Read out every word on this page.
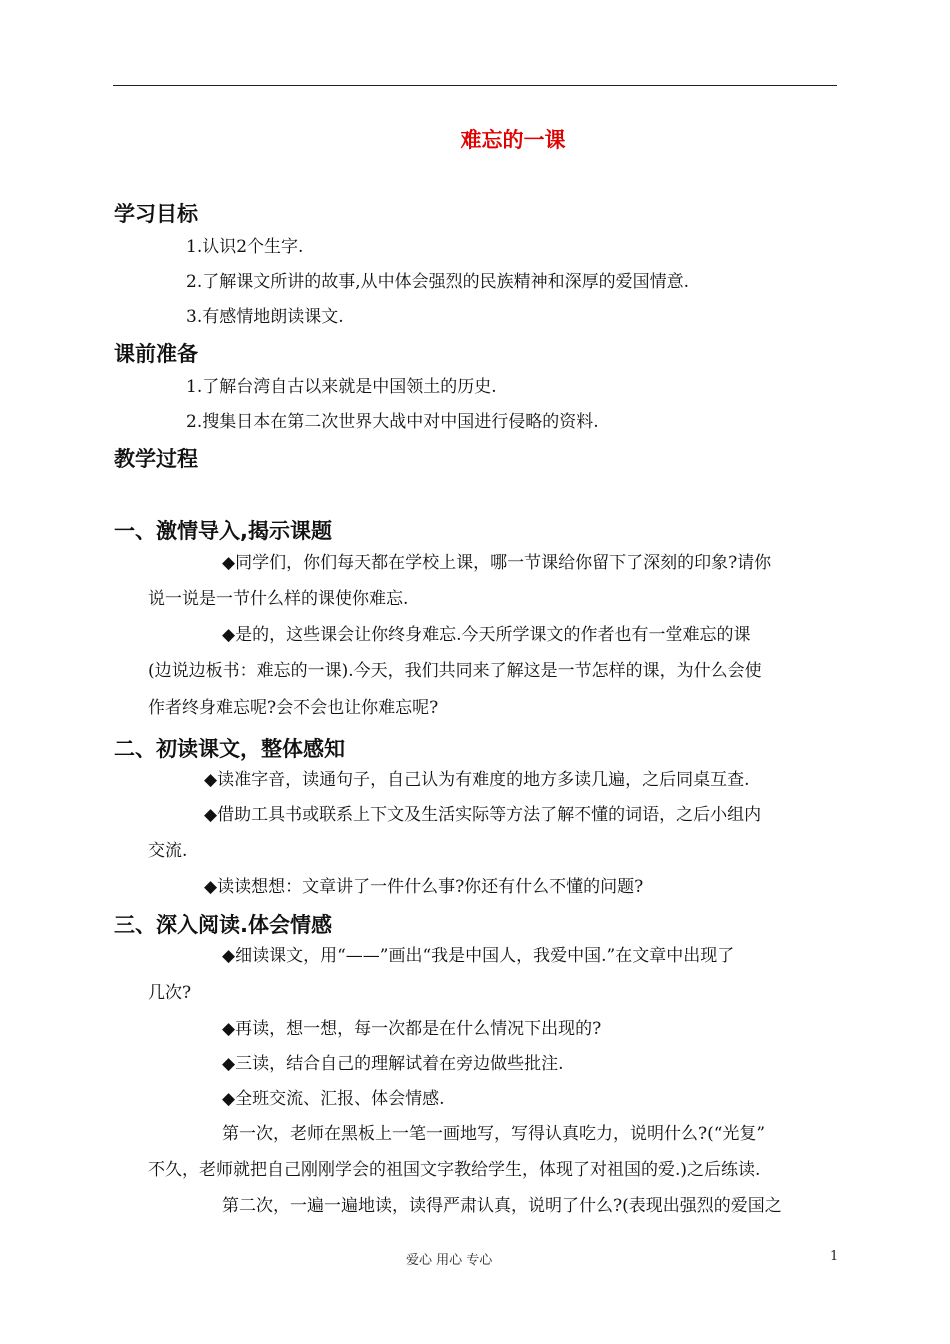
难忘的一课
学习目标
1.认识2个生字.
2.了解课文所讲的故事,从中体会强烈的民族精神和深厚的爱国情意.
3.有感情地朗读课文.
课前准备
1.了解台湾自古以来就是中国领土的历史.
2.搜集日本在第二次世界大战中对中国进行侵略的资料.
教学过程
一、激情导入,揭示课题
◆同学们，你们每天都在学校上课，哪一节课给你留下了深刻的印象?请你
说一说是一节什么样的课使你难忘.
◆是的，这些课会让你终身难忘.今天所学课文的作者也有一堂难忘的课
(边说边板书：难忘的一课).今天，我们共同来了解这是一节怎样的课，为什么会使
作者终身难忘呢?会不会也让你难忘呢?
二、初读课文，整体感知
◆读准字音，读通句子，自己认为有难度的地方多读几遍，之后同桌互查.
◆借助工具书或联系上下文及生活实际等方法了解不懂的词语，之后小组内
交流.
◆读读想想：文章讲了一件什么事?你还有什么不懂的问题?
三、深入阅读.体会情感
◆细读课文，用“——”画出“我是中国人，我爱中国.”在文章中出现了
几次?
◆再读，想一想，每一次都是在什么情况下出现的?
◆三读，结合自己的理解试着在旁边做些批注.
◆全班交流、汇报、体会情感.
第一次，老师在黑板上一笔一画地写，写得认真吃力，说明什么?(“光复”
不久，老师就把自己刚刚学会的祖国文字教给学生，体现了对祖国的爱.)之后练读.
第二次，一遍一遍地读，读得严肃认真，说明了什么?(表现出强烈的爱国之
爱心 用心 专心	1
